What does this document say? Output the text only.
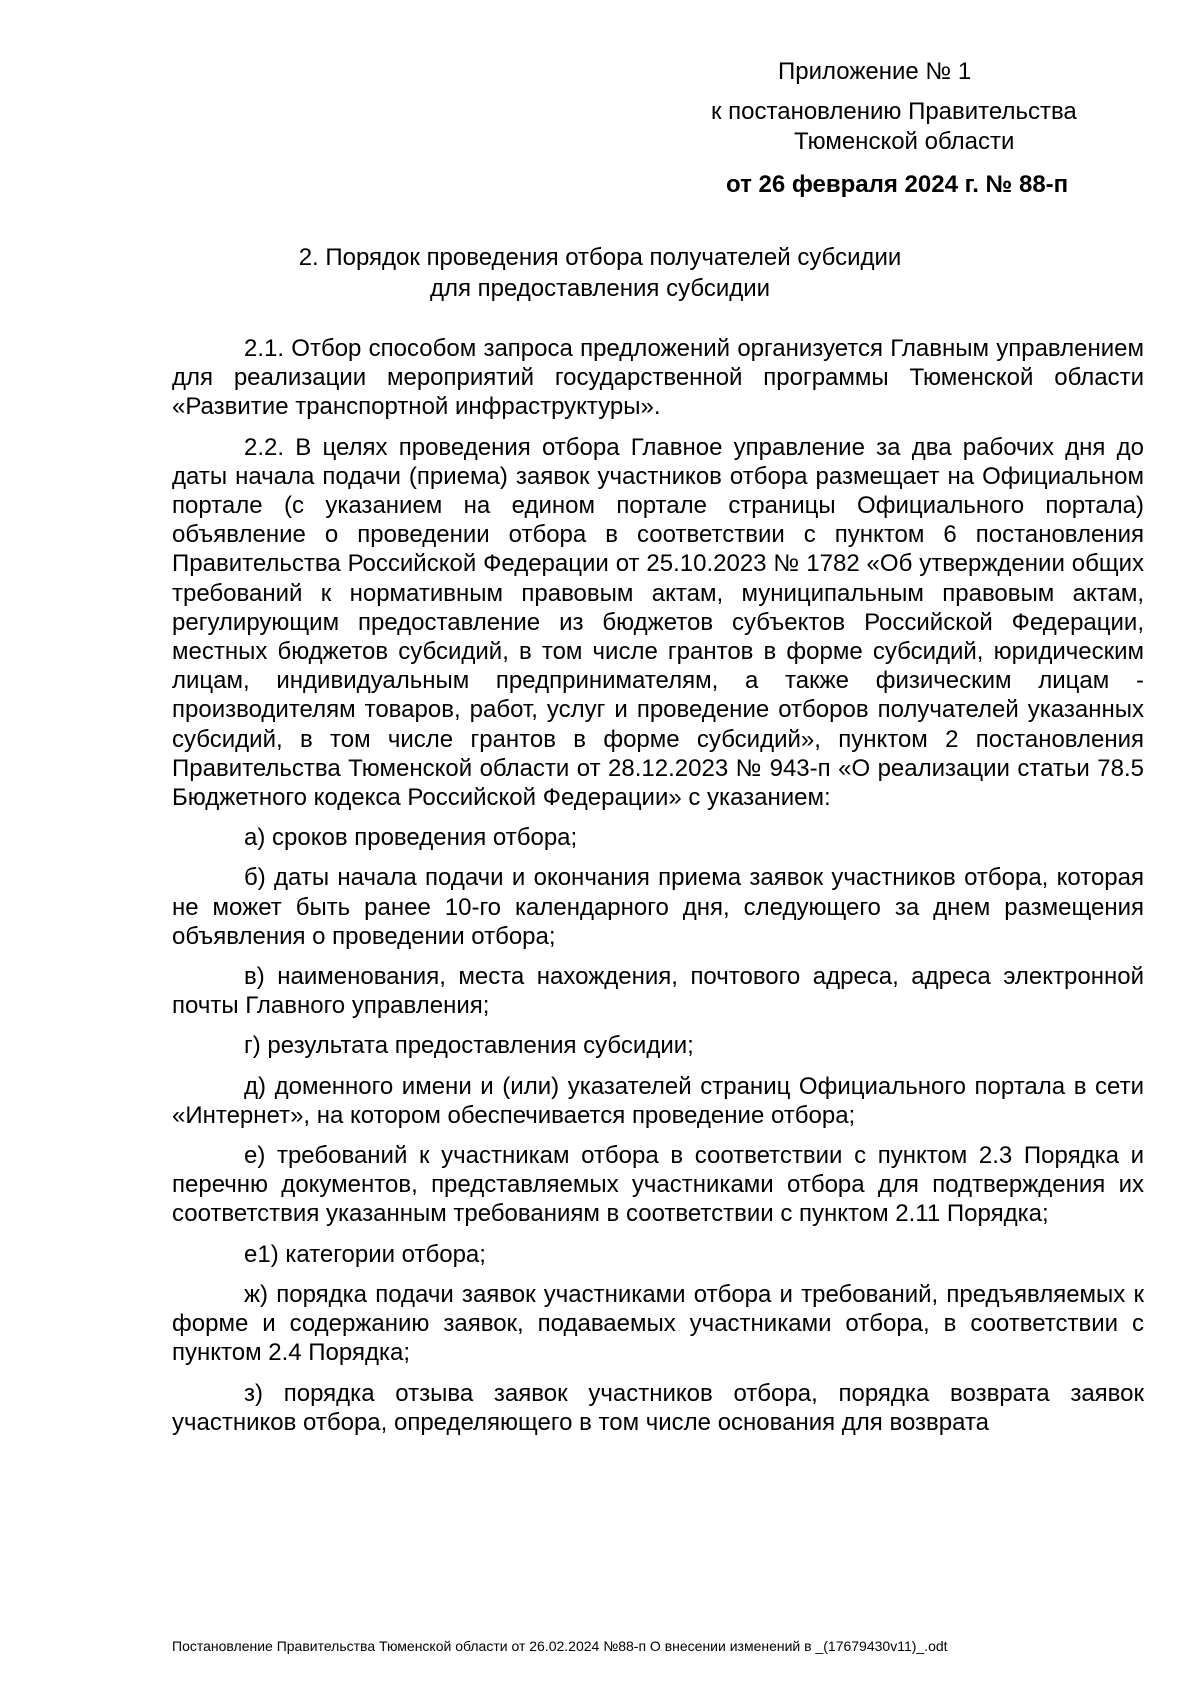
Приложение № 1
к постановлению Правительства
Тюменской области
от 26 февраля 2024 г. № 88-п
2. Порядок проведения отбора получателей субсидии
для предоставления субсидии

2.1. Отбор способом запроса предложений организуется Главным управлением для реализации мероприятий государственной программы Тюменской области «Развитие транспортной инфраструктуры».

2.2. В целях проведения отбора Главное управление за два рабочих дня до даты начала подачи (приема) заявок участников отбора размещает на Официальном портале (с указанием на едином портале страницы Официального портала) объявление о проведении отбора в соответствии с пунктом 6 постановления Правительства Российской Федерации от 25.10.2023 № 1782 «Об утверждении общих требований к нормативным правовым актам, муниципальным правовым актам, регулирующим предоставление из бюджетов субъектов Российской Федерации, местных бюджетов субсидий, в том числе грантов в форме субсидий, юридическим лицам, индивидуальным предпринимателям, а также физическим лицам - производителям товаров, работ, услуг и проведение отборов получателей указанных субсидий, в том числе грантов в форме субсидий», пунктом 2 постановления Правительства Тюменской области от 28.12.2023 № 943-п «О реализации статьи 78.5 Бюджетного кодекса Российской Федерации» с указанием:

а) сроков проведения отбора;

б) даты начала подачи и окончания приема заявок участников отбора, которая не может быть ранее 10-го календарного дня, следующего за днем размещения объявления о проведении отбора;

в) наименования, места нахождения, почтового адреса, адреса электронной почты Главного управления;

г) результата предоставления субсидии;

д) доменного имени и (или) указателей страниц Официального портала в сети «Интернет», на котором обеспечивается проведение отбора;

е) требований к участникам отбора в соответствии с пунктом 2.3 Порядка и перечню документов, представляемых участниками отбора для подтверждения их соответствия указанным требованиям в соответствии с пунктом 2.11 Порядка;

е1) категории отбора;

ж) порядка подачи заявок участниками отбора и требований, предъявляемых к форме и содержанию заявок, подаваемых участниками отбора, в соответствии с пунктом 2.4 Порядка;

з) порядка отзыва заявок участников отбора, порядка возврата заявок участников отбора, определяющего в том числе основания для возврата

Постановление Правительства Тюменской области от 26.02.2024 №88-п О внесении изменений в _(17679430v11)_.odt
